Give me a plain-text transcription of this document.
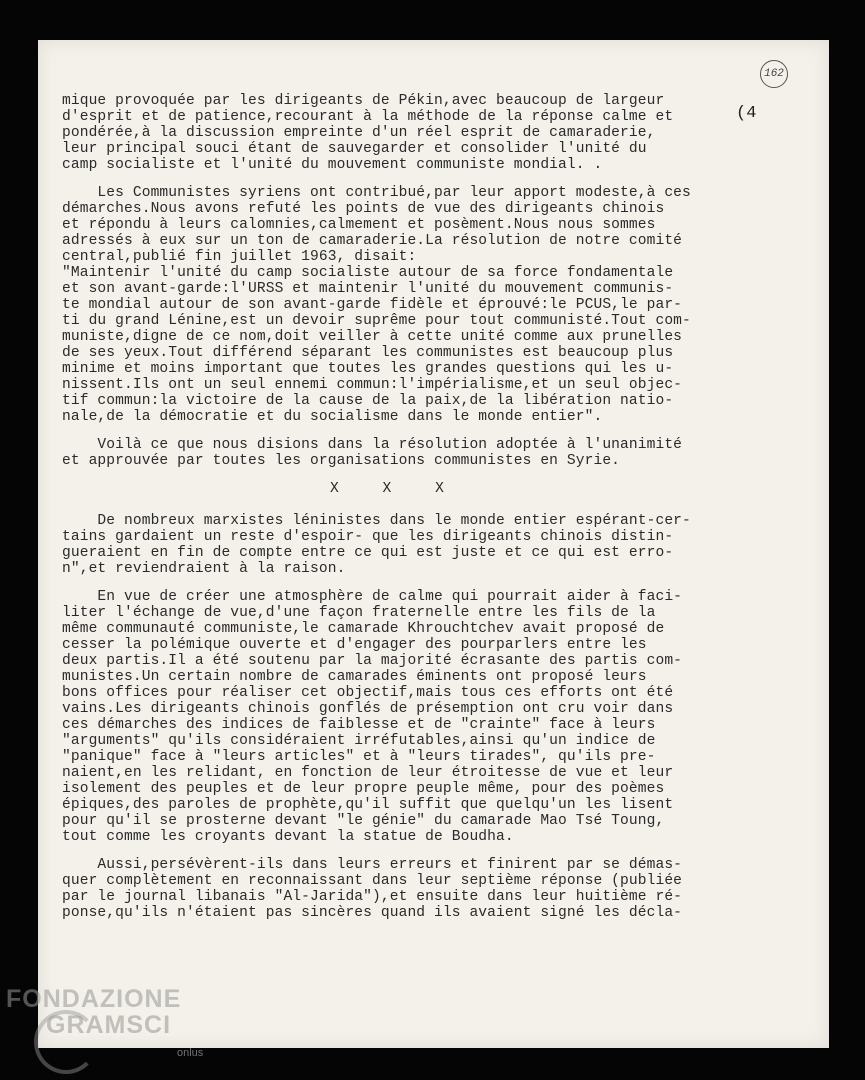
162
(4
mique provoquée par les dirigeants de Pékin,avec beaucoup de largeur
d'esprit et de patience,recourant à la méthode de la réponse calme et
pondérée,à la discussion empreinte d'un réel esprit de camaraderie,
leur principal souci étant de sauvegarder et consolider l'unité du
camp socialiste et l'unité du mouvement communiste mondial. .
Les Communistes syriens ont contribué,par leur apport modeste,à ces
démarches.Nous avons refuté les points de vue des dirigeants chinois
et répondu à leurs calomnies,calmement et posèment.Nous nous sommes
adressés à eux sur un ton de camaraderie.La résolution de notre comité
central,publié fin juillet 1963, disait:
"Maintenir l'unité du camp socialiste autour de sa force fondamentale
et son avant-garde:l'URSS et maintenir l'unité du mouvement communis-
te mondial autour de son avant-garde fidèle et éprouvé:le PCUS,le par-
ti du grand Lénine,est un devoir suprême pour tout communisté.Tout com-
muniste,digne de ce nom,doit veiller à cette unité comme aux prunelles
de ses yeux.Tout différend séparant les communistes est beaucoup plus
minime et moins important que toutes les grandes questions qui les u-
nissent.Ils ont un seul ennemi commun:l'impérialisme,et un seul objec-
tif commun:la victoire de la cause de la paix,de la libération natio-
nale,de la démocratie et du socialisme dans le monde entier".
Voilà ce que nous disions dans la résolution adoptée à l'unanimité
et approuvée par toutes les organisations communistes en Syrie.
X     X     X
De nombreux marxistes léninistes dans le monde entier espérant-cer-
tains gardaient un reste d'espoir- que les dirigeants chinois distin-
gueraient en fin de compte entre ce qui est juste et ce qui est erro-
n",et reviendraient à la raison.
En vue de créer une atmosphère de calme qui pourrait aider à faci-
liter l'échange de vue,d'une façon fraternelle entre les fils de la
même communauté communiste,le camarade Khrouchtchev avait proposé de
cesser la polémique ouverte et d'engager des pourparlers entre les
deux partis.Il a été soutenu par la majorité écrasante des partis com-
munistes.Un certain nombre de camarades éminents ont proposé leurs
bons offices pour réaliser cet objectif,mais tous ces efforts ont été
vains.Les dirigeants chinois gonflés de présemption ont cru voir dans
ces démarches des indices de faiblesse et de "crainte" face à leurs
"arguments" qu'ils considéraient irréfutables,ainsi qu'un indice de
"panique" face à "leurs articles" et à "leurs tirades", qu'ils pre-
naient,en les relidant, en fonction de leur étroitesse de vue et leur
isolement des peuples et de leur propre peuple même, pour des poèmes
épiques,des paroles de prophète,qu'il suffit que quelqu'un les lisent
pour qu'il se prosterne devant "le génie" du camarade Mao Tsé Toung,
tout comme les croyants devant la statue de Boudha.
Aussi,persévèrent-ils dans leurs erreurs et finirent par se démas-
quer complètement en reconnaissant dans leur septième réponse (publiée
par le journal libanais "Al-Jarida"),et ensuite dans leur huitième ré-
ponse,qu'ils n'étaient pas sincères quand ils avaient signé les décla-
FONDAZIONE
GRAMSCI
onlus
